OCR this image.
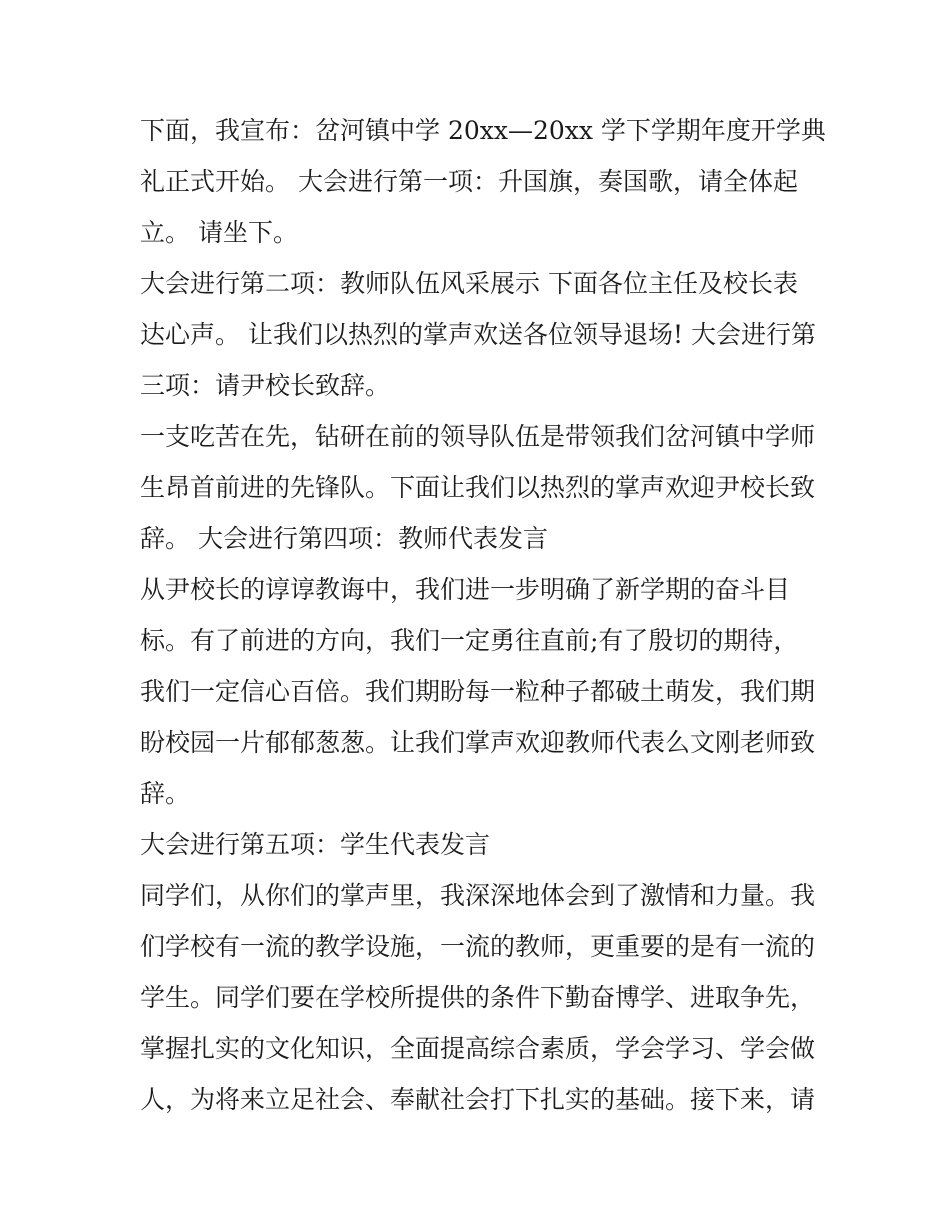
下面，我宣布：岔河镇中学 20xx—20xx 学下学期年度开学典
礼正式开始。 大会进行第一项：升国旗，奏国歌，请全体起
立。 请坐下。
大会进行第二项：教师队伍风采展示 下面各位主任及校长表
达心声。 让我们以热烈的掌声欢送各位领导退场! 大会进行第
三项：请尹校长致辞。
一支吃苦在先，钻研在前的领导队伍是带领我们岔河镇中学师
生昂首前进的先锋队。下面让我们以热烈的掌声欢迎尹校长致
辞。 大会进行第四项：教师代表发言
从尹校长的谆谆教诲中，我们进一步明确了新学期的奋斗目
标。有了前进的方向，我们一定勇往直前;有了殷切的期待，
我们一定信心百倍。我们期盼每一粒种子都破土萌发，我们期
盼校园一片郁郁葱葱。让我们掌声欢迎教师代表么文刚老师致
辞。
大会进行第五项：学生代表发言
同学们，从你们的掌声里，我深深地体会到了激情和力量。我
们学校有一流的教学设施，一流的教师，更重要的是有一流的
学生。同学们要在学校所提供的条件下勤奋博学、进取争先，
掌握扎实的文化知识，全面提高综合素质，学会学习、学会做
人，为将来立足社会、奉献社会打下扎实的基础。接下来，请
